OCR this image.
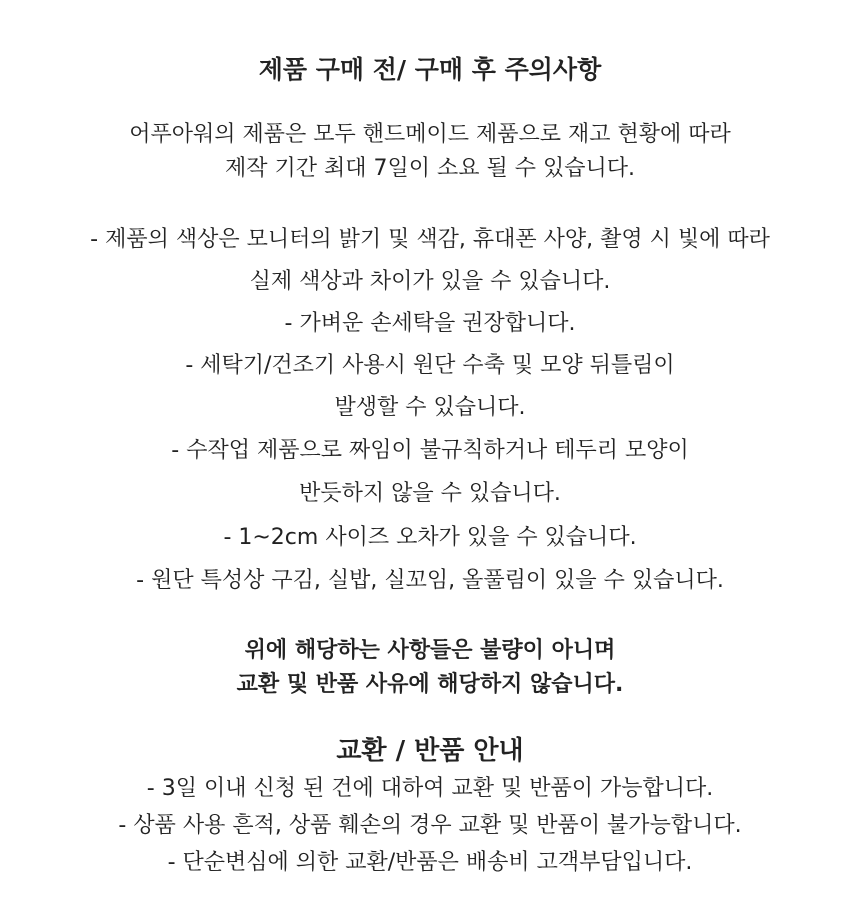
제품 구매 전/ 구매 후 주의사항
어푸아워의 제품은 모두 핸드메이드 제품으로 재고 현황에 따라
제작 기간 최대 7일이 소요 될 수 있습니다.
- 제품의 색상은 모니터의 밝기 및 색감, 휴대폰 사양, 촬영 시 빛에 따라
실제 색상과 차이가 있을 수 있습니다.
- 가벼운 손세탁을 권장합니다.
- 세탁기/건조기 사용시 원단 수축 및 모양 뒤틀림이
발생할 수 있습니다.
- 수작업 제품으로 짜임이 불규칙하거나 테두리 모양이
반듯하지 않을 수 있습니다.
- 1~2cm 사이즈 오차가 있을 수 있습니다.
- 원단 특성상 구김, 실밥, 실꼬임, 올풀림이 있을 수 있습니다.
위에 해당하는 사항들은 불량이 아니며
교환 및 반품 사유에 해당하지 않습니다.
교환 / 반품 안내
- 3일 이내 신청 된 건에 대하여 교환 및 반품이 가능합니다.
- 상품 사용 흔적, 상품 훼손의 경우 교환 및 반품이 불가능합니다.
- 단순변심에 의한 교환/반품은 배송비 고객부담입니다.
